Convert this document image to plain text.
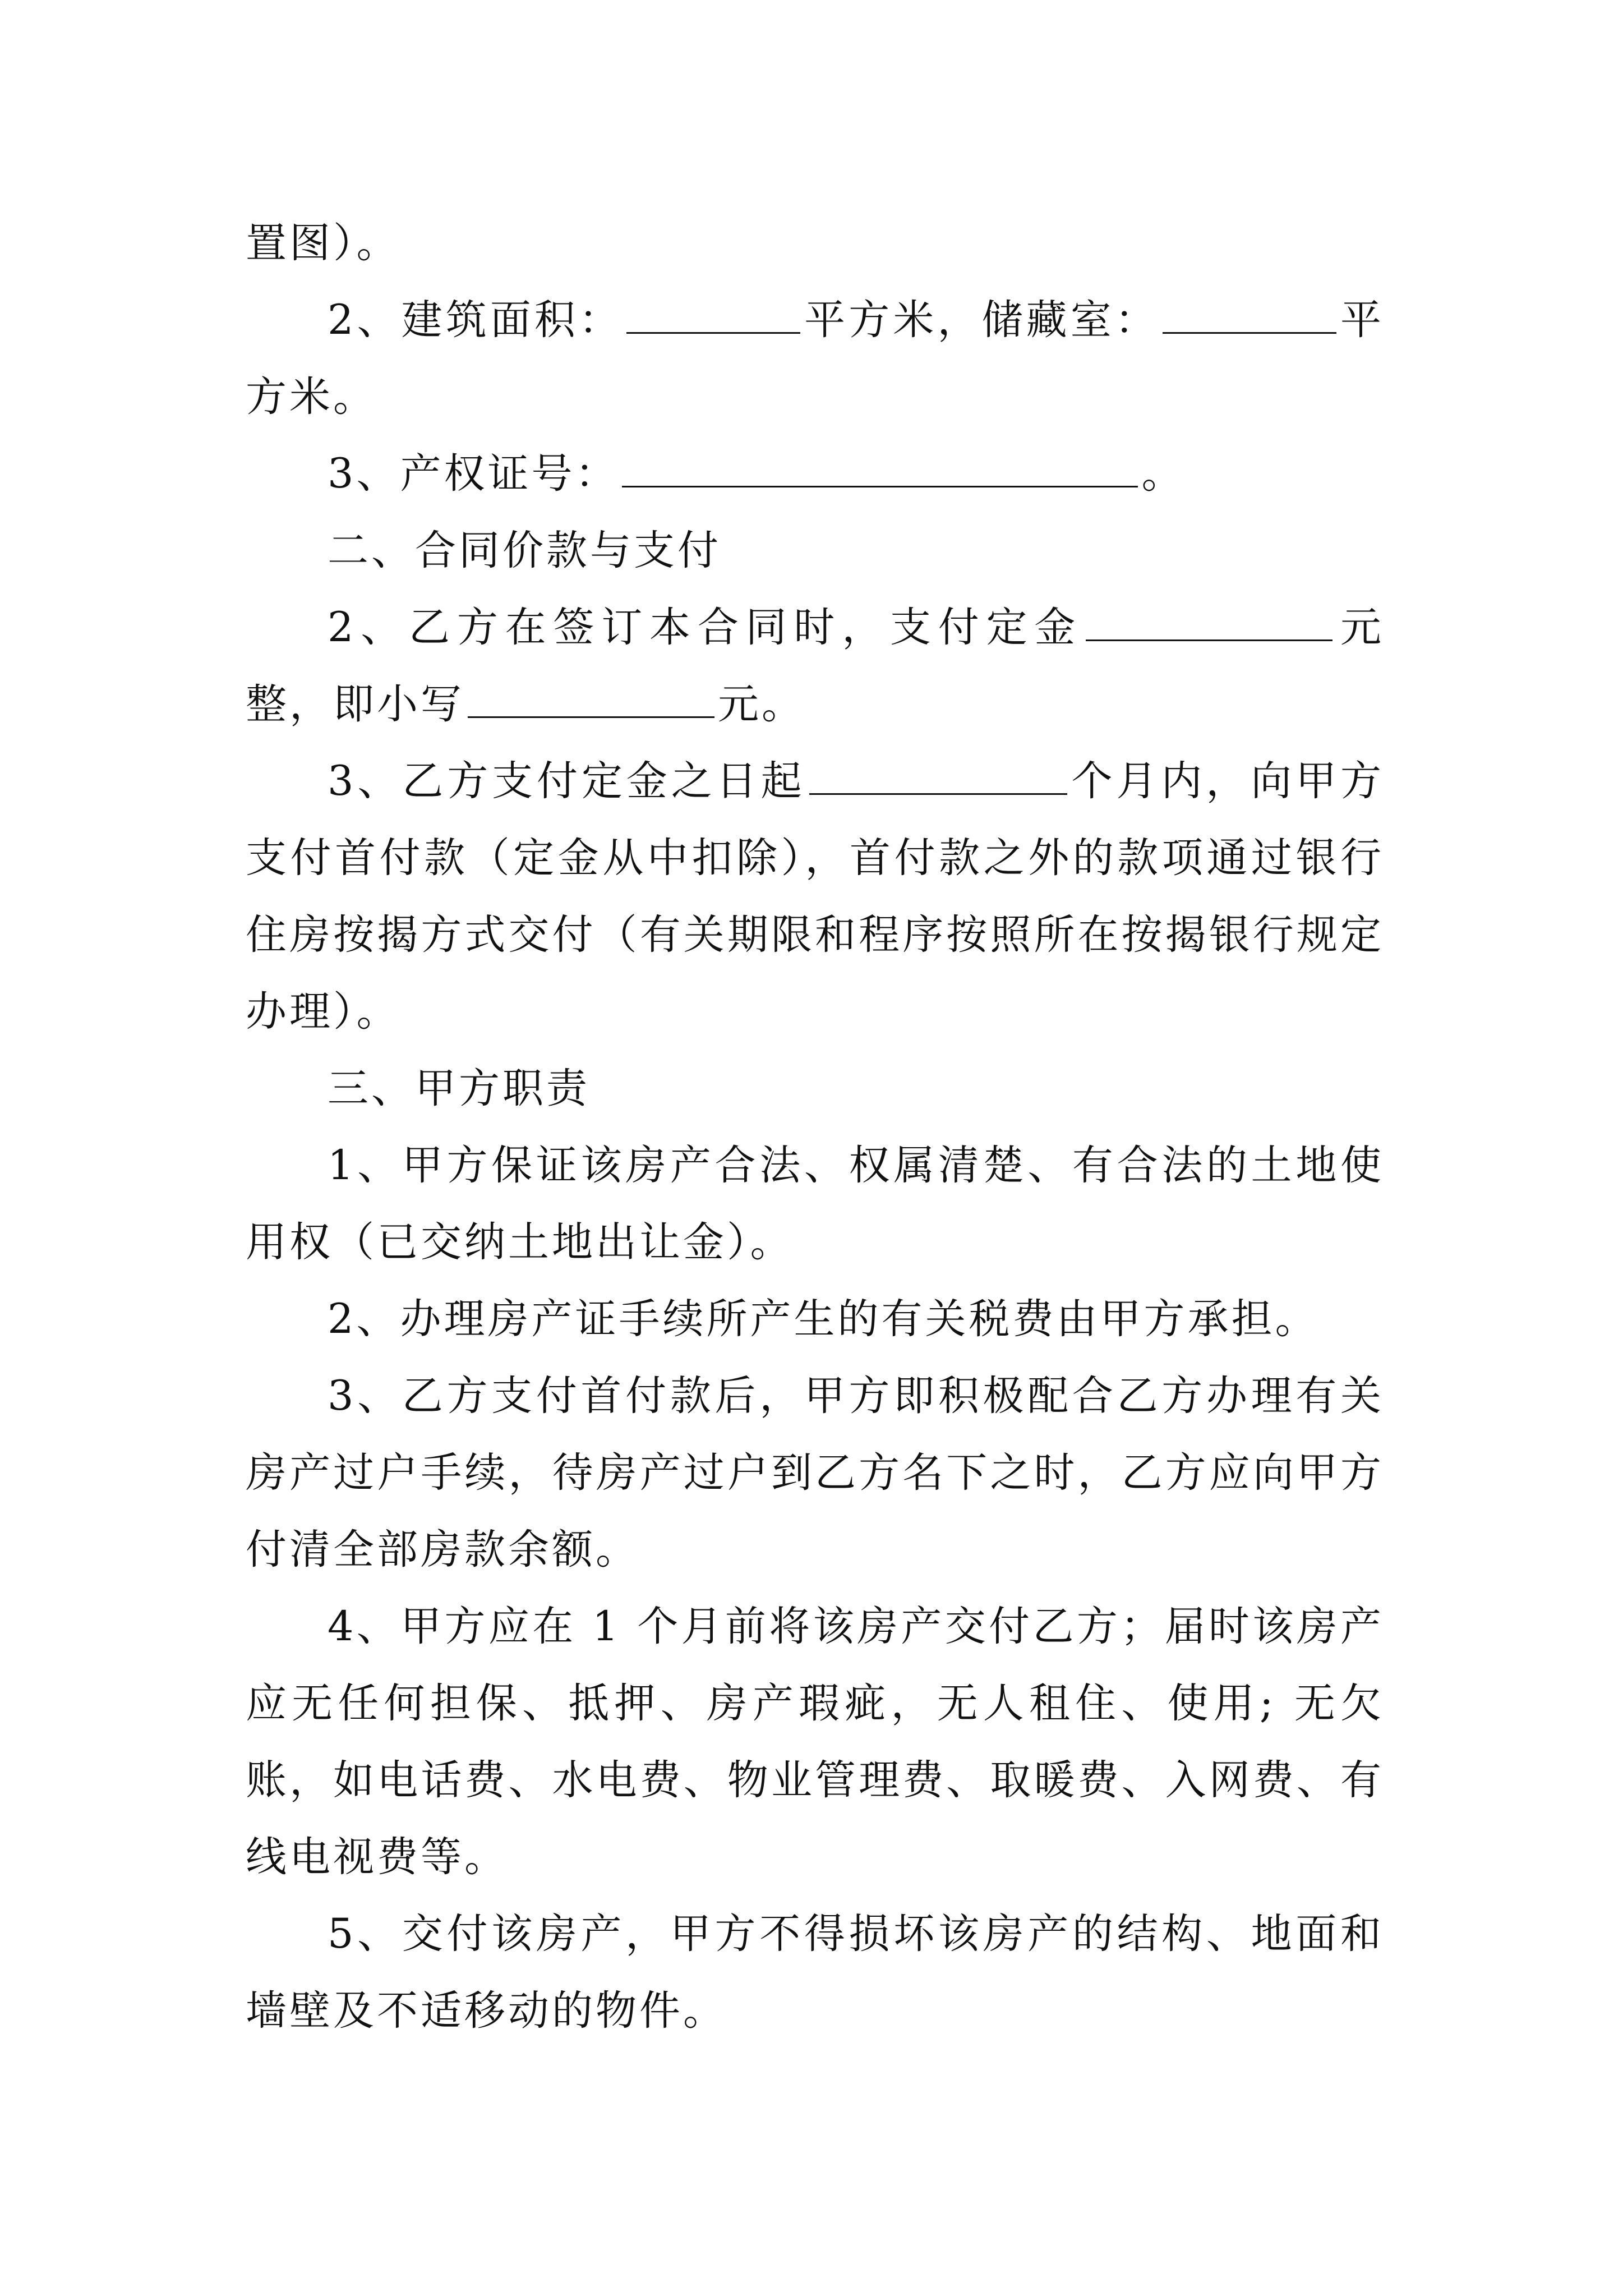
置图）。

2、建筑面积：	平方米，储藏室：	平方米。

3、产权证号：	。

二、合同价款与支付

2、乙方在签订本合同时，支付定金	元整，即小写	元。

3、乙方支付定金之日起	个月内，向甲方支付首付款（定金从中扣除），首付款之外的款项通过银行住房按揭方式交付（有关期限和程序按照所在按揭银行规定办理）。

三、甲方职责

1、甲方保证该房产合法、权属清楚、有合法的土地使用权（已交纳土地出让金）。

2、办理房产证手续所产生的有关税费由甲方承担。

3、乙方支付首付款后，甲方即积极配合乙方办理有关房产过户手续，待房产过户到乙方名下之时，乙方应向甲方付清全部房款余额。

4、甲方应在 1 个月前将该房产交付乙方；届时该房产应无任何担保、抵押、房产瑕疵，无人租住、使用; 无欠账，如电话费、水电费、物业管理费、取暖费、入网费、有线电视费等。

5、交付该房产，甲方不得损坏该房产的结构、地面和墙壁及不适移动的物件。
